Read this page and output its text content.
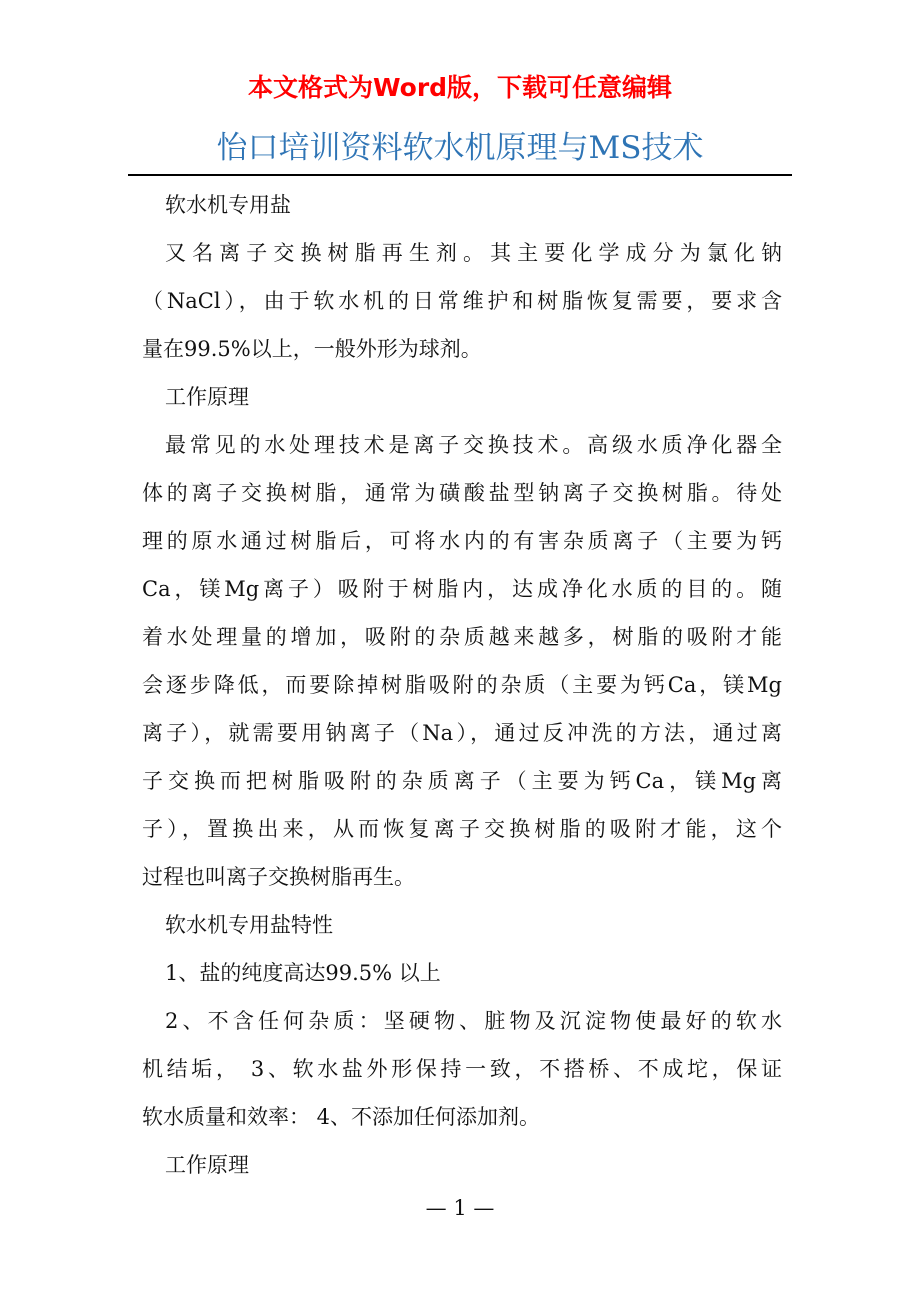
本文格式为Word版，下载可任意编辑
怡口培训资料软水机原理与MS技术
软水机专用盐
又名离子交换树脂再生剂。其主要化学成分为氯化钠
（NaCl），由于软水机的日常维护和树脂恢复需要，要求含
量在99.5%以上，一般外形为球剂。
工作原理
最常见的水处理技术是离子交换技术。高级水质净化器全
体的离子交换树脂，通常为磺酸盐型钠离子交换树脂。待处
理的原水通过树脂后，可将水内的有害杂质离子（主要为钙
Ca，镁Mg离子）吸附于树脂内，达成净化水质的目的。随
着水处理量的增加，吸附的杂质越来越多，树脂的吸附才能
会逐步降低，而要除掉树脂吸附的杂质（主要为钙Ca，镁Mg
离子），就需要用钠离子（Na），通过反冲洗的方法，通过离
子交换而把树脂吸附的杂质离子（主要为钙Ca，镁Mg离
子），置换出来，从而恢复离子交换树脂的吸附才能，这个
过程也叫离子交换树脂再生。
软水机专用盐特性
1、盐的纯度高达99.5% 以上
2、不含任何杂质：坚硬物、脏物及沉淀物使最好的软水
机结垢， 3、软水盐外形保持一致，不搭桥、不成坨，保证
软水质量和效率： 4、不添加任何添加剂。
工作原理
— 1 —
